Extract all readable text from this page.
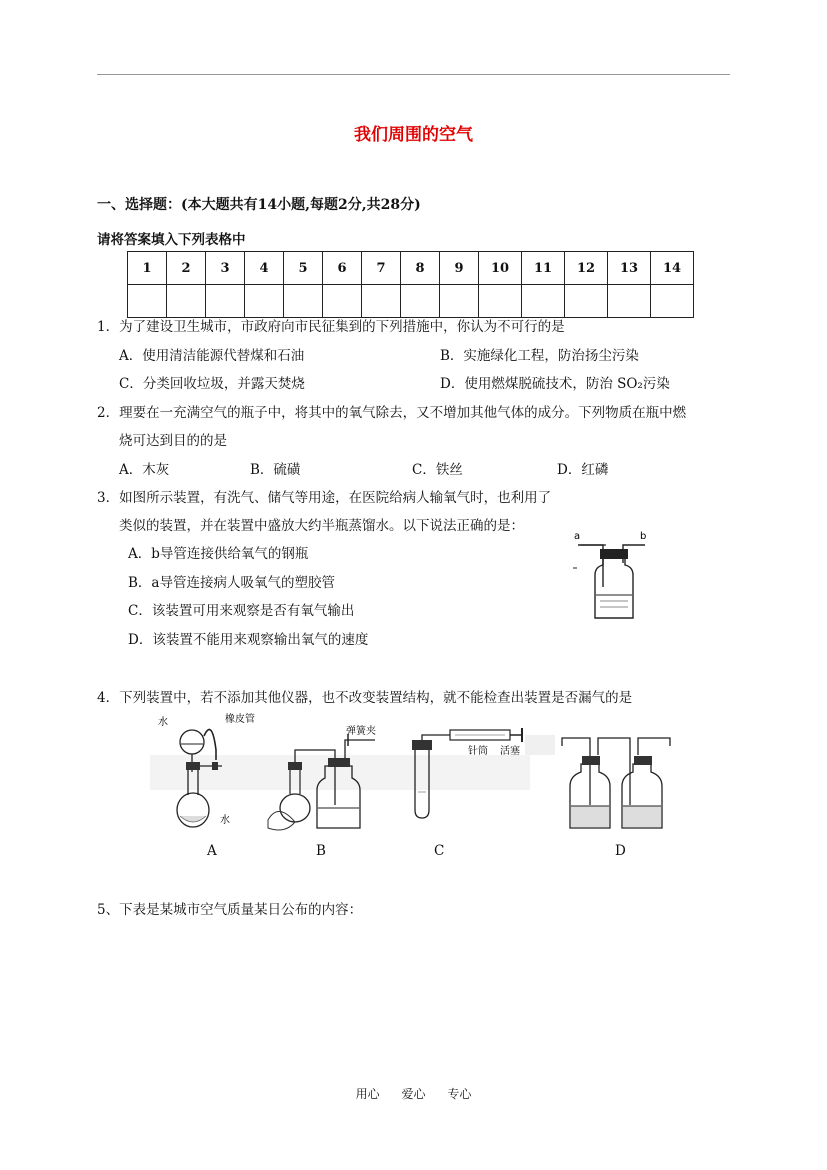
我们周围的空气
一、选择题：(本大题共有14小题,每题2分,共28分)
请将答案填入下列表格中
1	2	3	4	5	6	7	8	9	10	11	12	13	14

1．为了建设卫生城市，市政府向市民征集到的下列措施中，你认为不可行的是
A．使用清洁能源代替煤和石油	B．实施绿化工程，防治扬尘污染
C．分类回收垃圾，并露天焚烧	D．使用燃煤脱硫技术，防治 SO₂污染
2．理要在一充满空气的瓶子中，将其中的氧气除去，又不增加其他气体的成分。下列物质在瓶中燃
烧可达到目的的是
A．木灰	B．硫磺	C．铁丝	D．红磷
3．如图所示装置，有洗气、储气等用途，在医院给病人输氧气时，也利用了
类似的装置，并在装置中盛放大约半瓶蒸馏水。以下说法正确的是：
A．b导管连接供给氧气的钢瓶
B．a导管连接病人吸氧气的塑胶管
C．该装置可用来观察是否有氧气输出
D．该装置不能用来观察输出氧气的速度
a	b
4．下列装置中，若不添加其他仪器，也不改变装置结构，就不能检查出装置是否漏气的是
水	橡皮管
水
弹簧夹
针筒 活塞
A	B	C	D
5、下表是某城市空气质量某日公布的内容：
用心 爱心 专心
